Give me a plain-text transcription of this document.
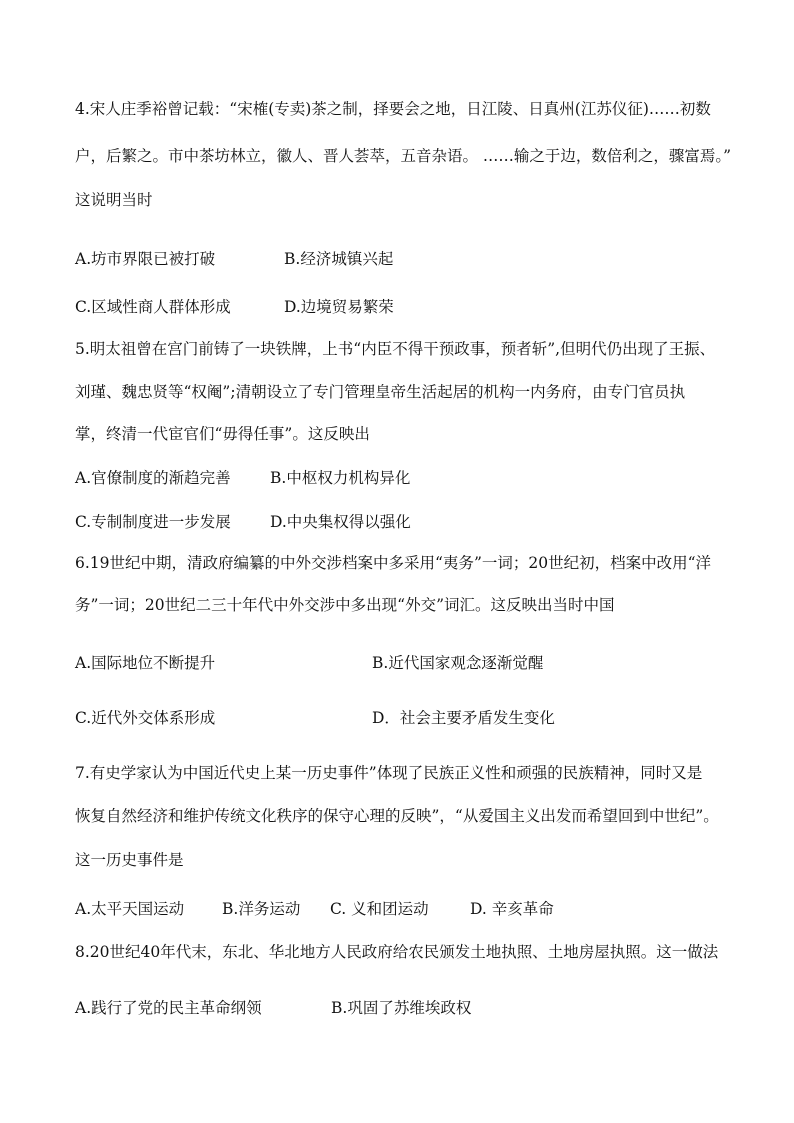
4.宋人庄季裕曾记载：“宋榷(专卖)茶之制，择要会之地，日江陵、日真州(江苏仪征)……初数
户，后繁之。市中茶坊林立，徽人、晋人荟萃，五音杂语。 ……输之于边，数倍利之，骤富焉。”
这说明当时
A.坊市界限已被打破	B.经济城镇兴起
C.区域性商人群体形成	D.边境贸易繁荣
5.明太祖曾在宫门前铸了一块铁牌，上书“内臣不得干预政事，预者斩”,但明代仍出现了王振、
刘瑾、魏忠贤等“权阉”;清朝设立了专门管理皇帝生活起居的机构一内务府，由专门官员执
掌，终清一代宦官们“毋得任事”。这反映出
A.官僚制度的渐趋完善	B.中枢权力机构异化
C.专制制度进一步发展	D.中央集权得以强化
6.19世纪中期，清政府编纂的中外交涉档案中多采用“夷务”一词；20世纪初，档案中改用“洋
务”一词；20世纪二三十年代中外交涉中多出现“外交”词汇。这反映出当时中国
A.国际地位不断提升	B.近代国家观念逐渐觉醒
C.近代外交体系形成	D．社会主要矛盾发生变化
7.有史学家认为中国近代史上某一历史事件”体现了民族正义性和顽强的民族精神，同时又是
恢复自然经济和维护传统文化秩序的保守心理的反映”，“从爱国主义出发而希望回到中世纪”。
这一历史事件是
A.太平天国运动 B.洋务运动 C. 义和团运动	D. 辛亥革命
8.20世纪40年代末，东北、华北地方人民政府给农民颁发土地执照、土地房屋执照。这一做法
A.践行了党的民主革命纲领	B.巩固了苏维埃政权
